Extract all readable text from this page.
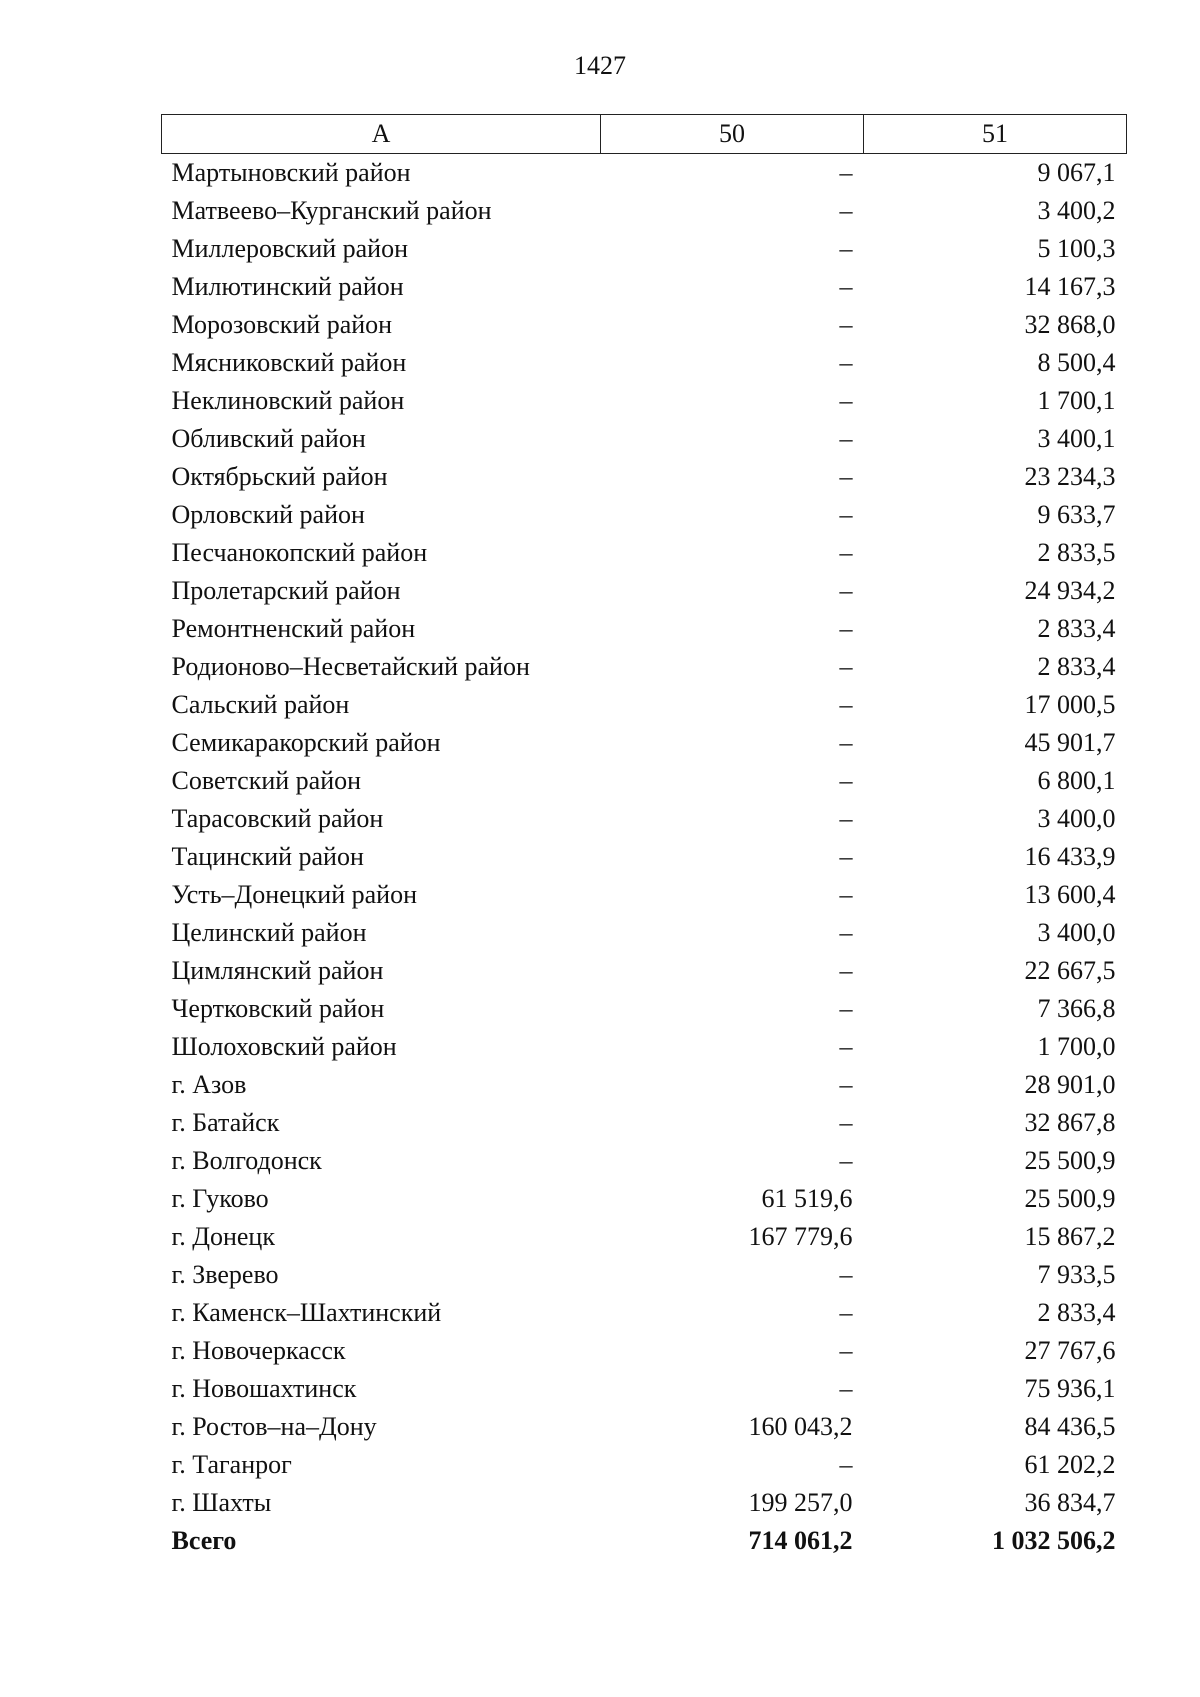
1427
А	50	51
Мартыновский район	–	9 067,1
Матвеево–Курганский район	–	3 400,2
Миллеровский район	–	5 100,3
Милютинский район	–	14 167,3
Морозовский район	–	32 868,0
Мясниковский район	–	8 500,4
Неклиновский район	–	1 700,1
Обливский район	–	3 400,1
Октябрьский район	–	23 234,3
Орловский район	–	9 633,7
Песчанокопский район	–	2 833,5
Пролетарский район	–	24 934,2
Ремонтненский район	–	2 833,4
Родионово–Несветайский район	–	2 833,4
Сальский район	–	17 000,5
Семикаракорский район	–	45 901,7
Советский район	–	6 800,1
Тарасовский район	–	3 400,0
Тацинский район	–	16 433,9
Усть–Донецкий район	–	13 600,4
Целинский район	–	3 400,0
Цимлянский район	–	22 667,5
Чертковский район	–	7 366,8
Шолоховский район	–	1 700,0
г. Азов	–	28 901,0
г. Батайск	–	32 867,8
г. Волгодонск	–	25 500,9
г. Гуково	61 519,6	25 500,9
г. Донецк	167 779,6	15 867,2
г. Зверево	–	7 933,5
г. Каменск–Шахтинский	–	2 833,4
г. Новочеркасск	–	27 767,6
г. Новошахтинск	–	75 936,1
г. Ростов–на–Дону	160 043,2	84 436,5
г. Таганрог	–	61 202,2
г. Шахты	199 257,0	36 834,7
Всего	714 061,2	1 032 506,2
